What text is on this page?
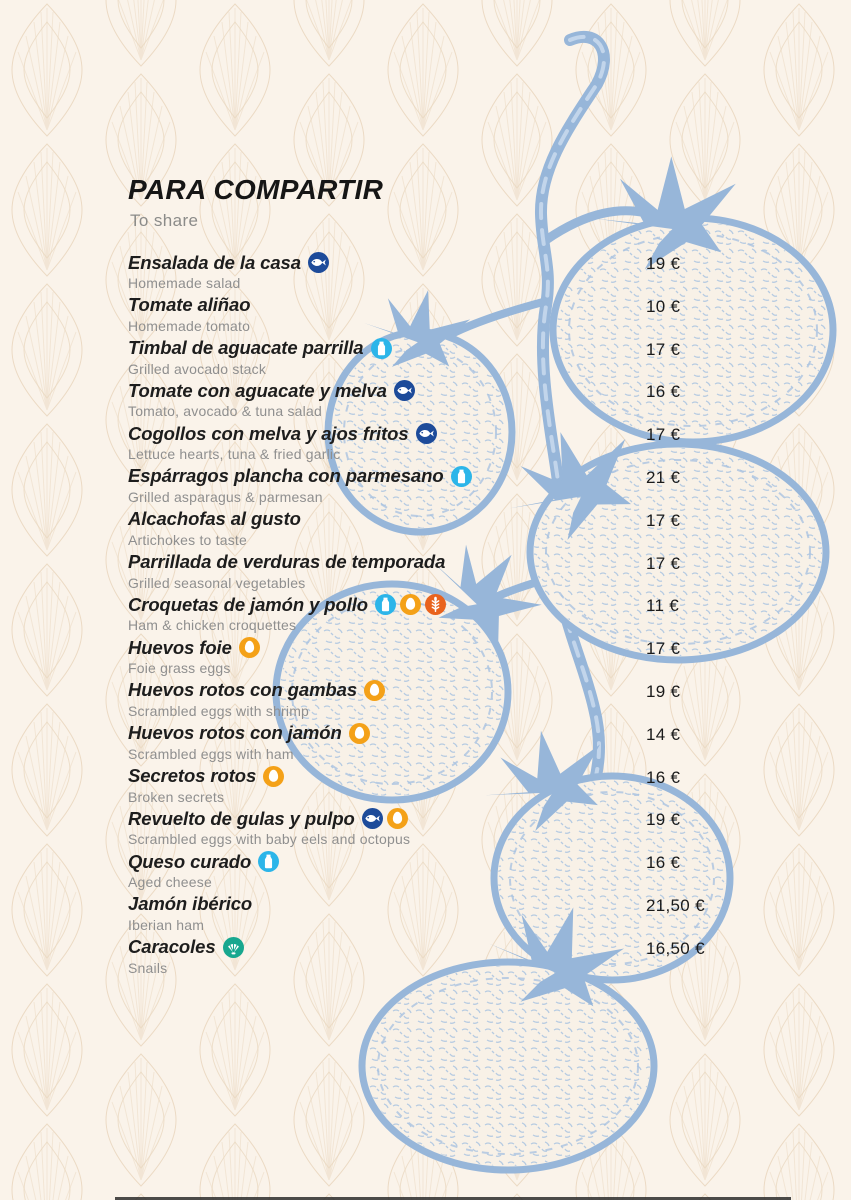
PARA COMPARTIR

To share

Ensalada de la casa
Homemade salad
19 €
Tomate aliñao
Homemade tomato
10 €
Timbal de aguacate parrilla
Grilled avocado stack
17 €
Tomate con aguacate y melva
Tomato, avocado & tuna salad
16 €
Cogollos con melva y ajos fritos
Lettuce hearts, tuna & fried garlic
17 €
Espárragos plancha con parmesano
Grilled asparagus & parmesan
21 €
Alcachofas al gusto
Artichokes to taste
17 €
Parrillada de verduras de temporada
Grilled seasonal vegetables
17 €
Croquetas de jamón y pollo
Ham & chicken croquettes
11 €
Huevos foie
Foie grass eggs
17 €
Huevos rotos con gambas
Scrambled eggs with shrimp
19 €
Huevos rotos con jamón
Scrambled eggs with ham
14 €
Secretos rotos
Broken secrets
16 €
Revuelto de gulas y pulpo
Scrambled eggs with baby eels and octopus
19 €
Queso curado
Aged cheese
16 €
Jamón ibérico
Iberian ham
21,50 €
Caracoles
Snails
16,50 €
